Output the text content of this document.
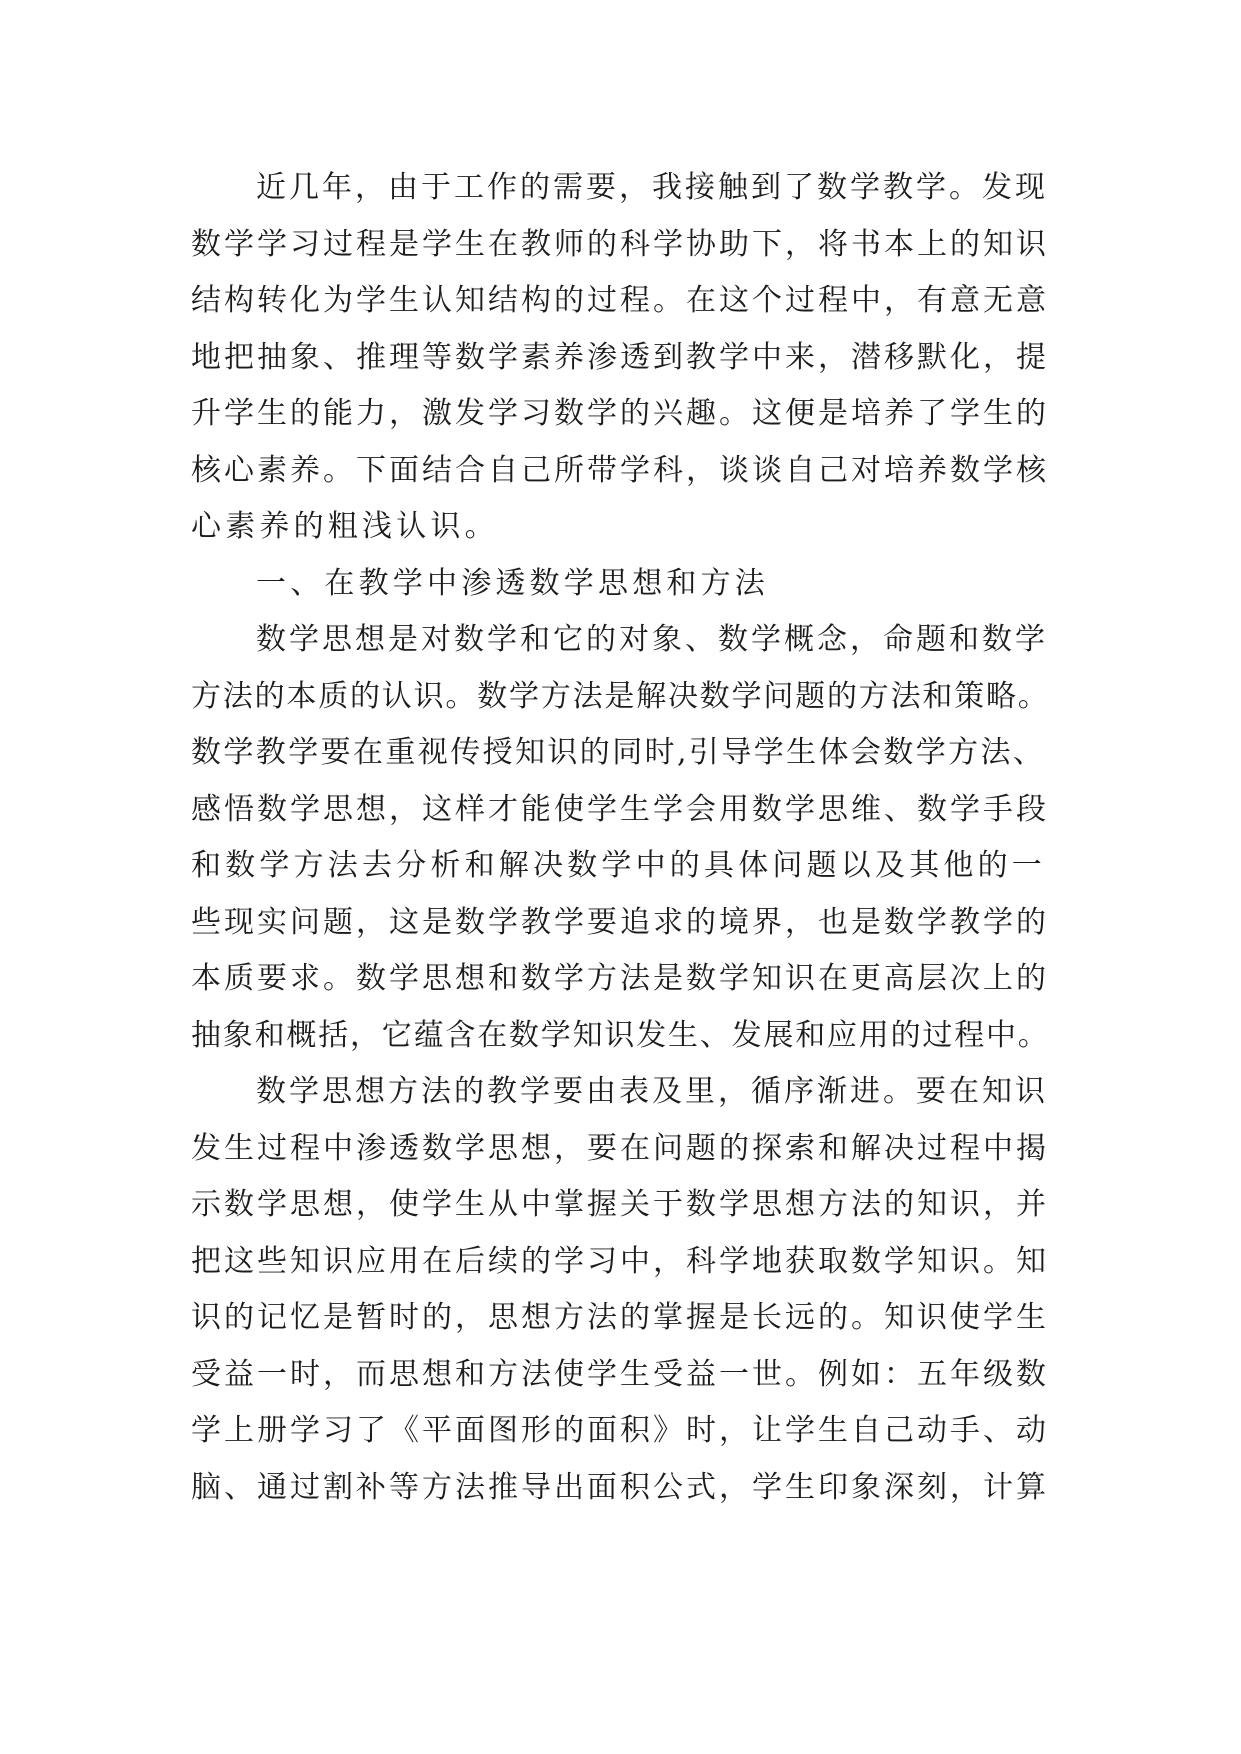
近几年，由于工作的需要，我接触到了数学教学。发现
数学学习过程是学生在教师的科学协助下，将书本上的知识
结构转化为学生认知结构的过程。在这个过程中，有意无意
地把抽象、推理等数学素养渗透到教学中来，潜移默化，提
升学生的能力，激发学习数学的兴趣。这便是培养了学生的
核心素养。下面结合自己所带学科，谈谈自己对培养数学核
心素养的粗浅认识。
一、在教学中渗透数学思想和方法
数学思想是对数学和它的对象、数学概念，命题和数学
方法的本质的认识。数学方法是解决数学问题的方法和策略。
数学教学要在重视传授知识的同时,引导学生体会数学方法、
感悟数学思想，这样才能使学生学会用数学思维、数学手段
和数学方法去分析和解决数学中的具体问题以及其他的一
些现实问题，这是数学教学要追求的境界，也是数学教学的
本质要求。数学思想和数学方法是数学知识在更高层次上的
抽象和概括，它蕴含在数学知识发生、发展和应用的过程中。
数学思想方法的教学要由表及里，循序渐进。要在知识
发生过程中渗透数学思想，要在问题的探索和解决过程中揭
示数学思想，使学生从中掌握关于数学思想方法的知识，并
把这些知识应用在后续的学习中，科学地获取数学知识。知
识的记忆是暂时的，思想方法的掌握是长远的。知识使学生
受益一时，而思想和方法使学生受益一世。例如：五年级数
学上册学习了《平面图形的面积》时，让学生自己动手、动
脑、通过割补等方法推导出面积公式，学生印象深刻，计算
